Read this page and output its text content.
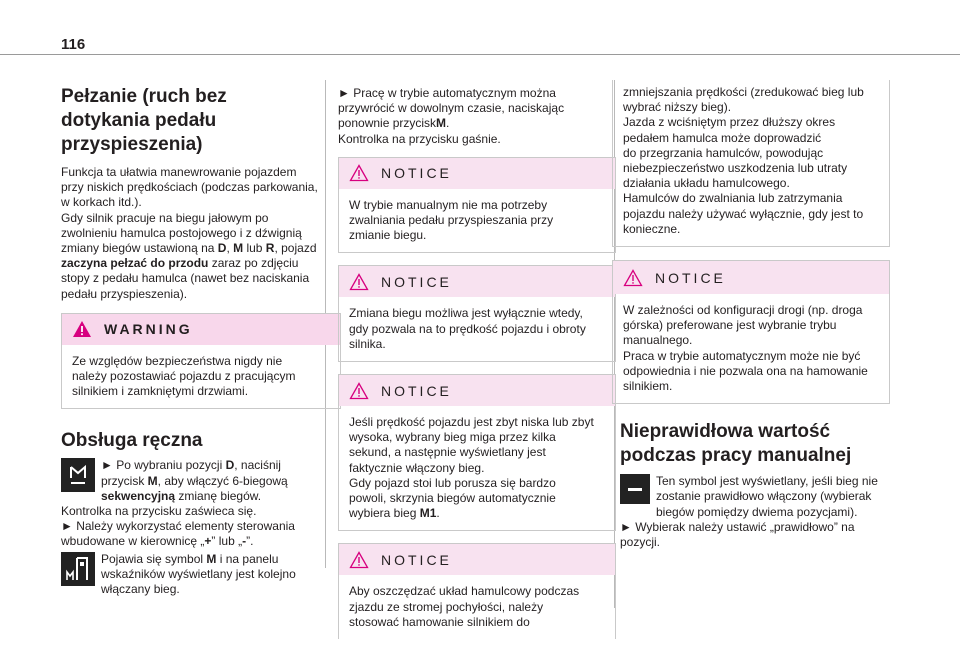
116
Pełzanie (ruch bez
dotykania pedału
przyspieszenia)

Funkcja ta ułatwia manewrowanie pojazdem
przy niskich prędkościach (podczas parkowania,
w korkach itd.).
Gdy silnik pracuje na biegu jałowym po
zwolnieniu hamulca postojowego i z dźwignią
zmiany biegów ustawioną na D, M lub R, pojazd
zaczyna pełzać do przodu zaraz po zdjęciu
stopy z pedału hamulca (nawet bez naciskania
pedału przyspieszenia).

WARNING
Ze względów bezpieczeństwa nigdy nie
należy pozostawiać pojazdu z pracującym
silnikiem i zamkniętymi drzwiami.
Obsługa ręczna

► Po wybraniu pozycji D, naciśnij
przycisk M, aby włączyć 6-biegową
sekwencyjną zmianę biegów.
Kontrolka na przycisku zaświeca się.
► Należy wykorzystać elementy sterowania
wbudowane w kierownicę „+” lub „-”.

Pojawia się symbol M i na panelu
wskaźników wyświetlany jest kolejno
włączany bieg.

► Pracę w trybie automatycznym można
przywrócić w dowolnym czasie, naciskając
ponownie przyciskM.
Kontrolka na przycisku gaśnie.

NOTICE
W trybie manualnym nie ma potrzeby
zwalniania pedału przyspieszania przy
zmianie biegu.
NOTICE
Zmiana biegu możliwa jest wyłącznie wtedy,
gdy pozwala na to prędkość pojazdu i obroty
silnika.
NOTICE
Jeśli prędkość pojazdu jest zbyt niska lub zbyt
wysoka, wybrany bieg miga przez kilka
sekund, a następnie wyświetlany jest
faktycznie włączony bieg.
Gdy pojazd stoi lub porusza się bardzo
powoli, skrzynia biegów automatycznie
wybiera bieg M1.
NOTICE
Aby oszczędzać układ hamulcowy podczas
zjazdu ze stromej pochyłości, należy
stosować hamowanie silnikiem do
zmniejszania prędkości (zredukować bieg lub
wybrać niższy bieg).
Jazda z wciśniętym przez dłuższy okres
pedałem hamulca może doprowadzić
do przegrzania hamulców, powodując
niebezpieczeństwo uszkodzenia lub utraty
działania układu hamulcowego.
Hamulców do zwalniania lub zatrzymania
pojazdu należy używać wyłącznie, gdy jest to
konieczne.
NOTICE
W zależności od konfiguracji drogi (np. droga
górska) preferowane jest wybranie trybu
manualnego.
Praca w trybie automatycznym może nie być
odpowiednia i nie pozwala ona na hamowanie
silnikiem.
Nieprawidłowa wartość
podczas pracy manualnej

Ten symbol jest wyświetlany, jeśli bieg nie
zostanie prawidłowo włączony (wybierak
biegów pomiędzy dwiema pozycjami).
► Wybierak należy ustawić „prawidłowo” na
pozycji.
